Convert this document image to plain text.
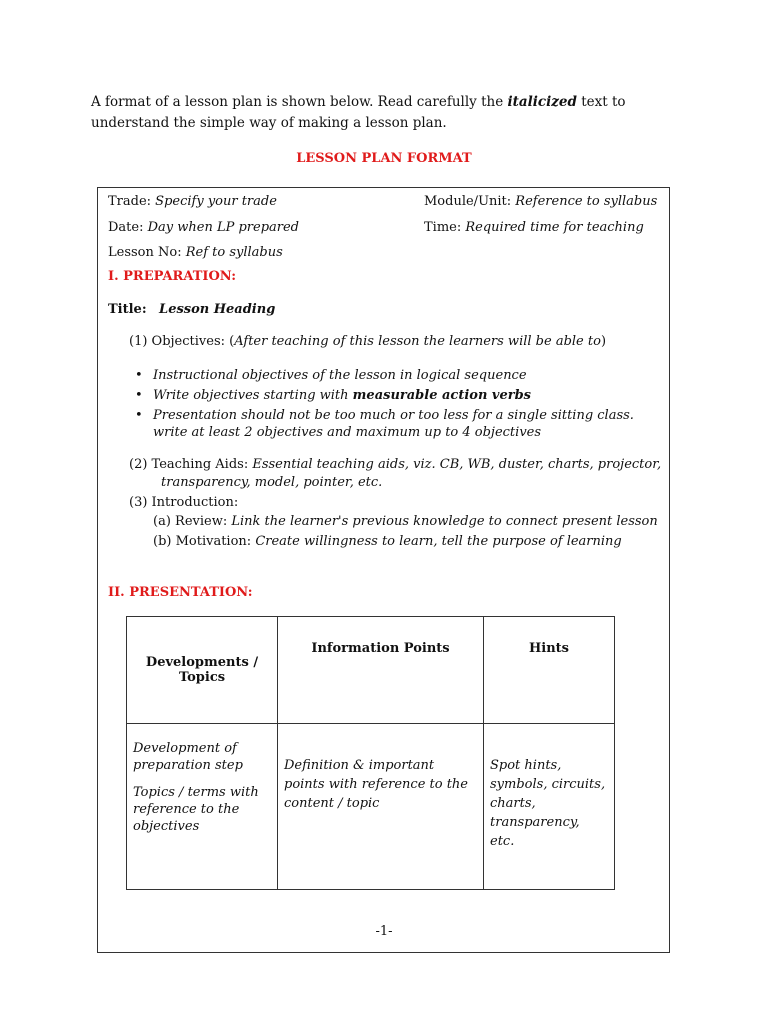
A format of a lesson plan is shown below. Read carefully the italicized text to understand the simple way of making a lesson plan.
LESSON PLAN FORMAT
Trade: Specify your trade	Module/Unit: Reference to syllabus
Date: Day when LP prepared	Time: Required time for teaching
Lesson No: Ref to syllabus
I. PREPARATION:
Title: Lesson Heading
(1) Objectives: (After teaching of this lesson the learners will be able to)
• Instructional objectives of the lesson in logical sequence
• Write objectives starting with measurable action verbs
• Presentation should not be too much or too less for a single sitting class.
write at least 2 objectives and maximum up to 4 objectives
(2) Teaching Aids: Essential teaching aids, viz. CB, WB, duster, charts, projector,
transparency, model, pointer, etc.
(3) Introduction:
(a) Review: Link the learner's previous knowledge to connect present lesson
(b) Motivation: Create willingness to learn, tell the purpose of learning
II. PRESENTATION:
Developments /
Topics	Information Points	Hints

Development of preparation step
Topics / terms with reference to the objectives	Definition & important points with reference to the content / topic	Spot hints, symbols, circuits, charts, transparency, etc.
-1-
